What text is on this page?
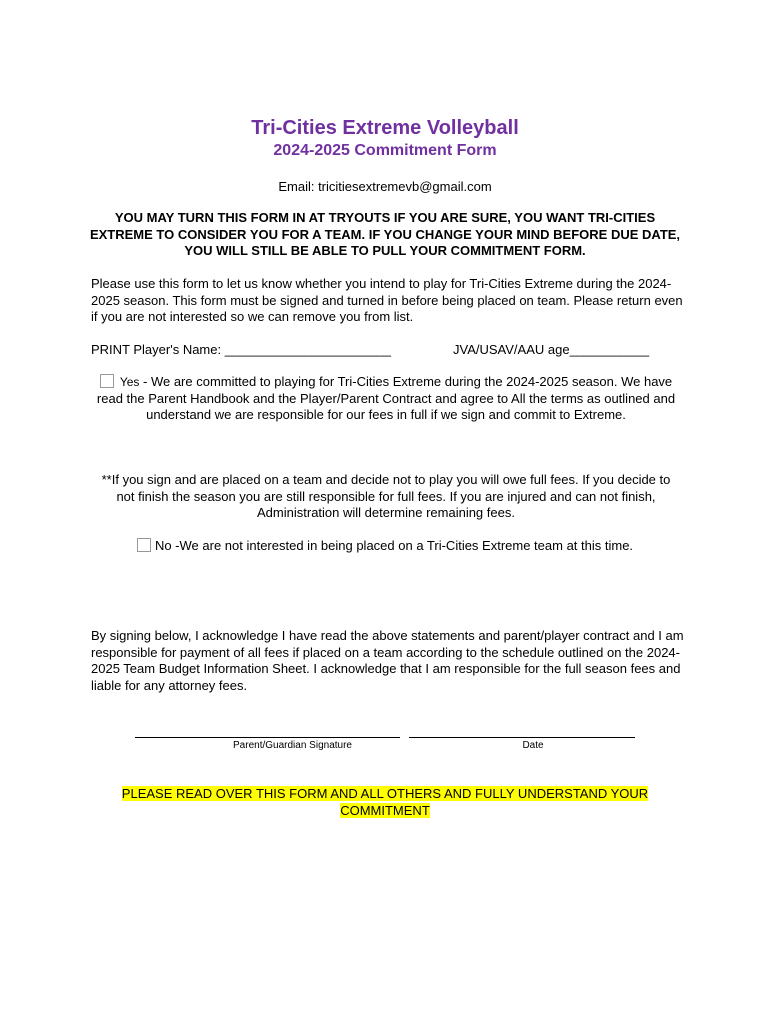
Tri-Cities Extreme Volleyball
2024-2025 Commitment Form
Email: tricitiesextremevb@gmail.com
YOU MAY TURN THIS FORM IN AT TRYOUTS IF YOU ARE SURE, YOU WANT TRI-CITIES EXTREME TO CONSIDER YOU FOR A TEAM. IF YOU CHANGE YOUR MIND BEFORE DUE DATE, YOU WILL STILL BE ABLE TO PULL YOUR COMMITMENT FORM.
Please use this form to let us know whether you intend to play for Tri-Cities Extreme during the 2024-2025 season. This form must be signed and turned in before being placed on team. Please return even if you are not interested so we can remove you from list.
PRINT Player's Name: _______________________	JVA/USAV/AAU age___________
Yes - We are committed to playing for Tri-Cities Extreme during the 2024-2025 season. We have read the Parent Handbook and the Player/Parent Contract and agree to All the terms as outlined and understand we are responsible for our fees in full if we sign and commit to Extreme.
**If you sign and are placed on a team and decide not to play you will owe full fees. If you decide to not finish the season you are still responsible for full fees. If you are injured and can not finish, Administration will determine remaining fees.
No -We are not interested in being placed on a Tri-Cities Extreme team at this time.
By signing below, I acknowledge I have read the above statements and parent/player contract and I am responsible for payment of all fees if placed on a team according to the schedule outlined on the 2024-2025 Team Budget Information Sheet. I acknowledge that I am responsible for the full season fees and liable for any attorney fees.
Parent/Guardian Signature	Date
PLEASE READ OVER THIS FORM AND ALL OTHERS AND FULLY UNDERSTAND YOUR COMMITMENT
